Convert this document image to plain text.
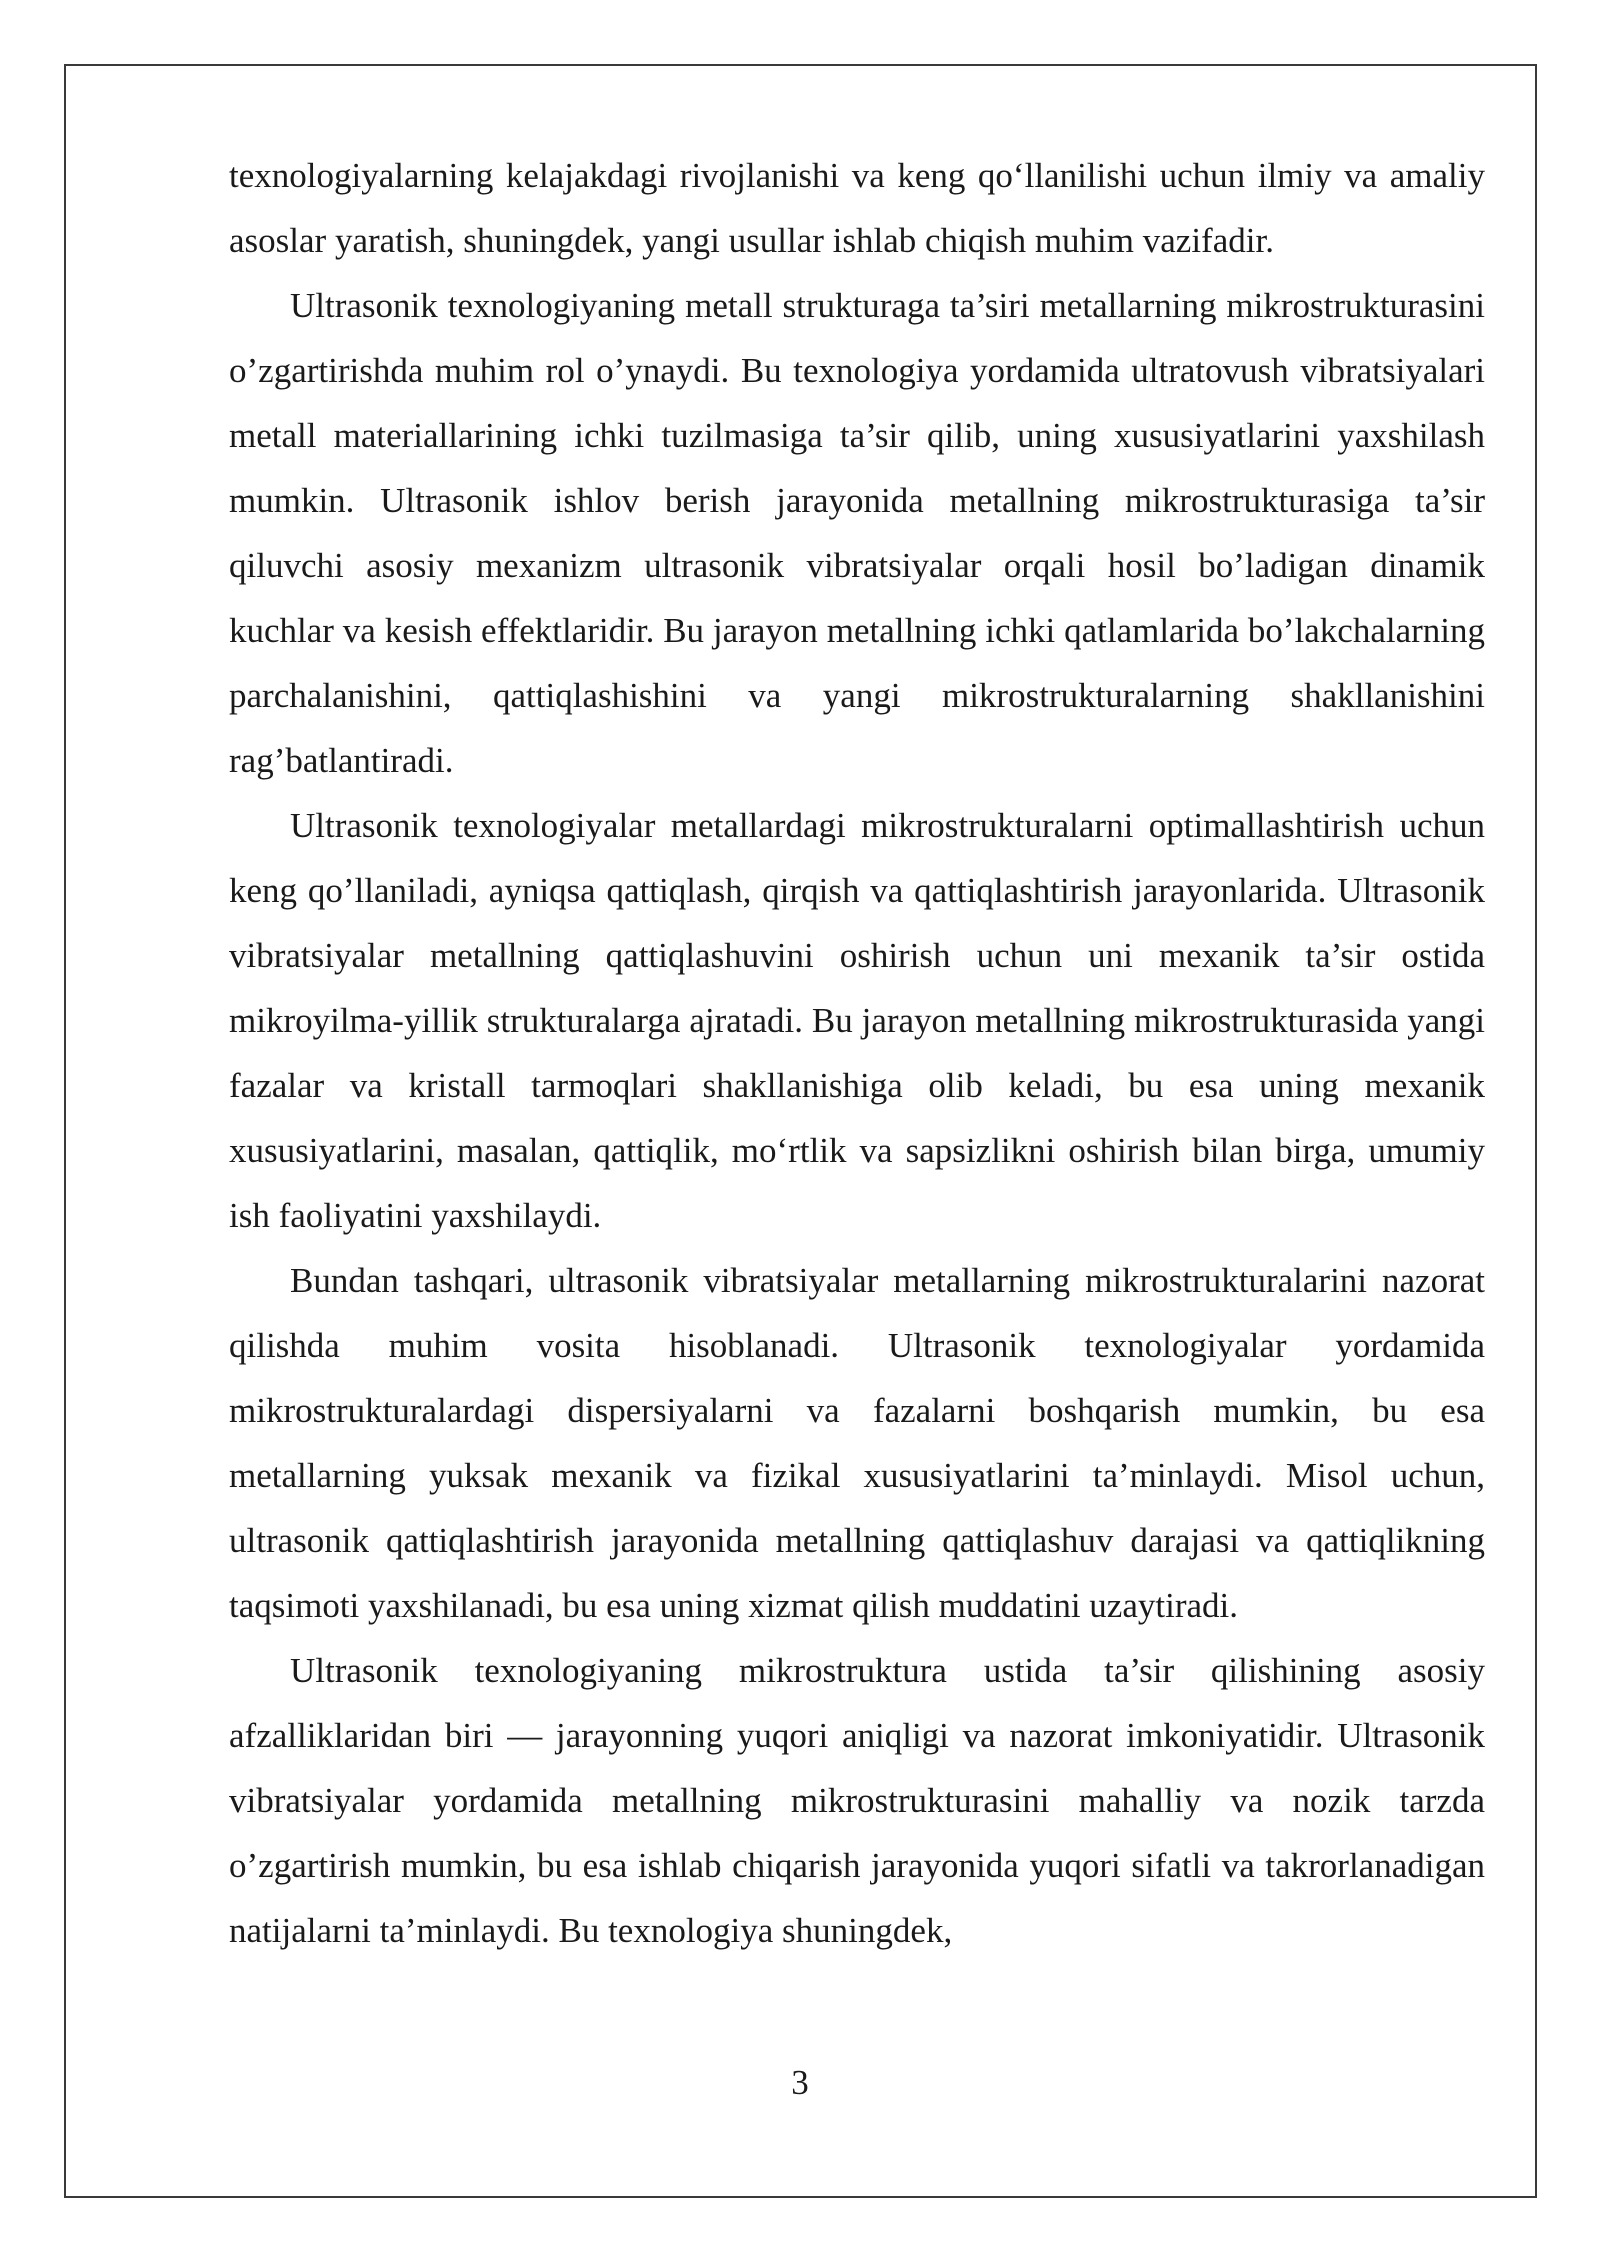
texnologiyalarning kelajakdagi rivojlanishi va keng qo‘llanilishi uchun ilmiy va amaliy asoslar yaratish, shuningdek, yangi usullar ishlab chiqish muhim vazifadir.

Ultrasonik texnologiyaning metall strukturaga ta’siri metallarning mikrostrukturasini o’zgartirishda muhim rol o’ynaydi. Bu texnologiya yordamida ultratovush vibratsiyalari metall materiallarining ichki tuzilmasiga ta’sir qilib, uning xususiyatlarini yaxshilash mumkin. Ultrasonik ishlov berish jarayonida metallning mikrostrukturasiga ta’sir qiluvchi asosiy mexanizm ultrasonik vibratsiyalar orqali hosil bo’ladigan dinamik kuchlar va kesish effektlaridir. Bu jarayon metallning ichki qatlamlarida bo’lakchalarning parchalanishini, qattiqlashishini va yangi mikrostrukturalarning shakllanishini rag’batlantiradi.

Ultrasonik texnologiyalar metallardagi mikrostrukturalarni optimallashtirish uchun keng qo’llaniladi, ayniqsa qattiqlash, qirqish va qattiqlashtirish jarayonlarida. Ultrasonik vibratsiyalar metallning qattiqlashuvini oshirish uchun uni mexanik ta’sir ostida mikroyilma-yillik strukturalarga ajratadi. Bu jarayon metallning mikrostrukturasida yangi fazalar va kristall tarmoqlari shakllanishiga olib keladi, bu esa uning mexanik xususiyatlarini, masalan, qattiqlik, mo‘rtlik va sapsizlikni oshirish bilan birga, umumiy ish faoliyatini yaxshilaydi.

Bundan tashqari, ultrasonik vibratsiyalar metallarning mikrostrukturalarini nazorat qilishda muhim vosita hisoblanadi. Ultrasonik texnologiyalar yordamida mikrostrukturalardagi dispersiyalarni va fazalarni boshqarish mumkin, bu esa metallarning yuksak mexanik va fizikal xususiyatlarini ta’minlaydi. Misol uchun, ultrasonik qattiqlashtirish jarayonida metallning qattiqlashuv darajasi va qattiqlikning taqsimoti yaxshilanadi, bu esa uning xizmat qilish muddatini uzaytiradi.

Ultrasonik texnologiyaning mikrostruktura ustida ta’sir qilishining asosiy afzalliklaridan biri — jarayonning yuqori aniqligi va nazorat imkoniyatidir. Ultrasonik vibratsiyalar yordamida metallning mikrostrukturasini mahalliy va nozik tarzda o’zgartirish mumkin, bu esa ishlab chiqarish jarayonida yuqori sifatli va takrorlanadigan natijalarni ta’minlaydi. Bu texnologiya shuningdek,

3
